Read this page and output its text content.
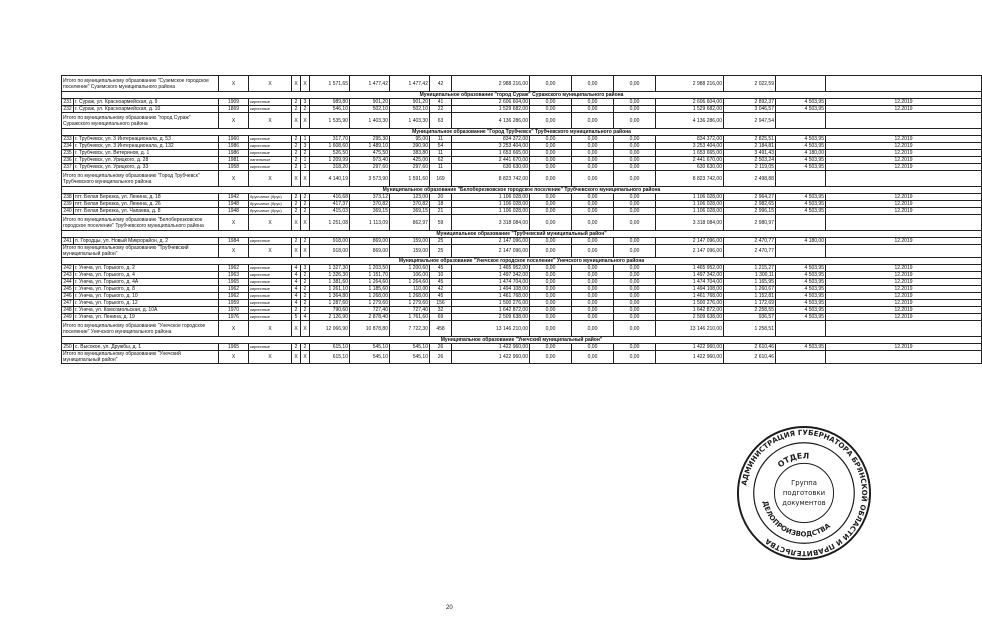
Итого по муниципальному образованию "Суземское городское поселение" Суземского муниципального района		X	X	X	X	1 571,65	1 477,42	1 477,42	42	2 988 216,00	0,00	0,00	0,00	2 988 216,00	2 022,59		
Муниципальное образование "город Сураж" Суражского муниципального района																	
231	г. Сураж, ул. Красноармейская, д. 9	1909	кирпичные	2	3	989,80	901,20	901,20	41	2 606 604,00	0,00	0,00	0,00	2 606 604,00	2 892,37	4 503,95	12.2019
232	г. Сураж, ул. Красноармейская, д. 10	1869	кирпичные	2	2	546,10	502,10	502,10	22	1 529 682,00	0,00	0,00	0,00	1 529 682,00	3 046,57	4 503,95	12.2019
Итого по муниципальному образованию "город Сураж" Суражского муниципального района		X	X	X	X	1 535,90	1 403,30	1 403,30	63	4 136 286,00	0,00	0,00	0,00	4 136 286,00	2 947,54		
Муниципальное образование "Город Трубчевск" Трубчевского муниципального района																	
233	г. Трубчевск, ул. 3 Интернационала, д. 53	1960	кирпичные	2	1	317,70	295,30	95,00	11	834 372,00	0,00	0,00	0,00	834 372,00	2 825,51	4 503,95	12.2019
234	г. Трубчевск, ул. 3 Интернационала, д. 132	1986	кирпичные	2	3	1 608,60	1 489,10	390,90	54	3 253 404,00	0,00	0,00	0,00	3 253 404,00	2 184,81	4 503,95	12.2019
235	г. Трубчевск, ул. Ветеринов, д. 1	1986	кирпичные	2	2	526,50	475,50	383,80	11	1 653 665,00	0,00	0,00	0,00	1 653 665,00	3 491,43	4 180,00	12.2019
236	г. Трубчевск, ул. Урицкого, д. 28	1981	панельные	2	1	1 209,99	973,40	425,00	62	2 441 670,00	0,00	0,00	0,00	2 441 670,00	2 503,24	4 503,95	12.2019
237	г. Трубчевск, ул. Урицкого, д. 33	1958	кирпичные	2	1	318,20	297,60	297,60	11	630 630,00	0,00	0,00	0,00	630 630,00	2 119,05	4 503,95	12.2019
Итого по муниципальному образованию "Город Трубчевск" Трубчевского муниципального района		X	X	X	X	4 140,19	3 573,90	1 591,60	169	8 823 742,00	0,00	0,00	0,00	8 823 742,00	2 498,88		
Муниципальное образование "Белоберезковское городское поселение" Трубчевского муниципального района																	
238	пгт. Белая Березка, ул. Ленина, д. 18	1942	брусчатые (брус)	2	2	416,68	373,12	123,00	20	1 106 028,00	0,00	0,00	0,00	1 106 028,00	2 964,27	4 503,95	12.2019
239	пгт. Белая Березка, ул. Ленина, д. 26	1948	брусчатые (брус)	2	2	417,37	370,82	370,82	18	1 106 028,00	0,00	0,00	0,00	1 106 028,00	2 982,65	4 503,95	12.2019
240	пгт. Белая Березка, ул. Чапаева, д. 8	1948	брусчатые (брус)	2	2	415,03	369,15	369,15	21	1 106 028,00	0,00	0,00	0,00	1 106 028,00	2 996,15	4 503,95	12.2019
Итого по муниципальному образованию "Белоберезковское городское поселение" Трубчевского муниципального района		X	X	X	X	1 251,08	1 113,09	862,97	59	3 318 084,00	0,00	0,00	0,00	3 318 084,00	2 980,97		
Муниципальное образование "Трубчевский муниципальный район"																	
241	п. Городцы, ул. Новый Микрорайон, д. 2	1984	кирпичные	2	2	918,00	869,00	159,00	25	2 147 096,00	0,00	0,00	0,00	2 147 096,00	2 470,77	4 180,00	12.2019
Итого по муниципальному образованию "Трубчевский муниципальный район"		X	X	X	X	918,00	869,00	159,00	25	2 147 096,00	0,00	0,00	0,00	2 147 096,00	2 470,77		
Муниципальное образование "Унечское городское поселение" Унечского муниципального района																	
242	г. Унеча, ул. Горького, д. 2	1962	кирпичные	4	3	1 327,30	1 203,50	1 200,60	45	1 465 952,00	0,00	0,00	0,00	1 465 952,00	1 215,27	4 503,95	12.2019
243	г. Унеча, ул. Горького, д. 4	1963	кирпичные	4	2	1 326,30	1 151,70	106,00	10	1 497 342,00	0,00	0,00	0,00	1 497 342,00	1 300,11	4 503,95	12.2019
244	г. Унеча, ул. Горького, д. 4А	1965	кирпичные	4	2	1 381,60	1 264,60	1 264,60	45	1 474 704,00	0,00	0,00	0,00	1 474 704,00	1 165,95	4 503,95	12.2019
245	г. Унеча, ул. Горького, д. 8	1962	кирпичные	4	2	1 261,10	1 185,60	110,00	42	1 494 108,00	0,00	0,00	0,00	1 494 108,00	1 260,67	4 503,95	12.2019
246	г. Унеча, ул. Горького, д. 10	1962	кирпичные	4	2	1 364,80	1 268,00	1 268,00	45	1 461 768,00	0,00	0,00	0,00	1 461 768,00	1 152,81	4 503,95	12.2019
247	г. Унеча, ул. Горького, д. 12	1959	кирпичные	4	2	1 287,60	1 279,60	1 279,60	156	1 500 276,00	0,00	0,00	0,00	1 500 276,00	1 172,69	4 503,95	12.2019
248	г. Унеча, ул. Комсомольская, д. 10А	1970	кирпичные	2	2	790,60	727,40	727,40	32	1 642 872,00	0,00	0,00	0,00	1 642 872,00	2 258,55	4 503,95	12.2019
249	г. Унеча, ул. Ленина, д. 19	1976	кирпичные	5	4	2 126,90	2 878,40	1 761,60	69	2 509 638,00	0,00	0,00	0,00	2 509 638,00	936,57	4 503,95	12.2019
Итого по муниципальному образованию "Унечское городское поселение" Унечского муниципального района		X	X	X	X	12 066,90	10 878,80	7 722,30	458	13 146 210,00	0,00	0,00	0,00	13 146 210,00	1 258,51		
Муниципальное образование "Унечский муниципальный район"																	
250	с. Высокое, ул. Дружбы, д. 1	1965	кирпичные	2	2	615,10	545,10	545,10	26	1 422 960,00	0,00	0,00	0,00	1 422 960,00	2 610,46	4 503,95	12.2019
Итого по муниципальному образованию "Унечский муниципальный район"		X	X	X	X	615,10	545,10	545,10	26	1 422 960,00	0,00	0,00	0,00	1 422 960,00	2 610,46		
20
АДМИНИСТРАЦИЯ ГУБЕРНАТОРА БРЯНСКОЙ ОБЛАСТИ И ПРАВИТЕЛЬСТВА
ОТДЕЛ
ДЕЛОПРОИЗВОДСТВА
Группа
подготовки
документов
